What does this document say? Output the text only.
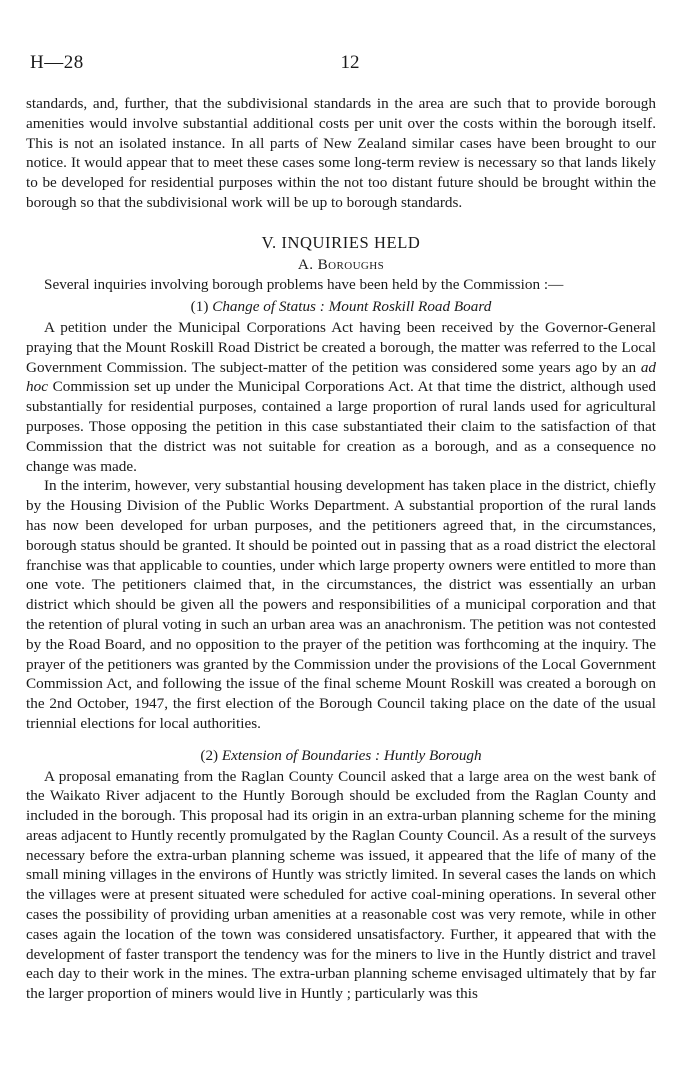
H—28	12

standards, and, further, that the subdivisional standards in the area are such that to provide borough amenities would involve substantial additional costs per unit over the costs within the borough itself. This is not an isolated instance. In all parts of New Zealand similar cases have been brought to our notice. It would appear that to meet these cases some long-term review is necessary so that lands likely to be developed for residential purposes within the not too distant future should be brought within the borough so that the subdivisional work will be up to borough standards.

V. INQUIRIES HELD
A. Boroughs

Several inquiries involving borough problems have been held by the Commission :—

(1) Change of Status : Mount Roskill Road Board

A petition under the Municipal Corporations Act having been received by the Governor-General praying that the Mount Roskill Road District be created a borough, the matter was referred to the Local Government Commission. The subject-matter of the petition was considered some years ago by an ad hoc Commission set up under the Municipal Corporations Act. At that time the district, although used substantially for residential purposes, contained a large proportion of rural lands used for agricultural purposes. Those opposing the petition in this case substantiated their claim to the satisfaction of that Commission that the district was not suitable for creation as a borough, and as a consequence no change was made.

In the interim, however, very substantial housing development has taken place in the district, chiefly by the Housing Division of the Public Works Department. A substantial proportion of the rural lands has now been developed for urban purposes, and the petitioners agreed that, in the circumstances, borough status should be granted. It should be pointed out in passing that as a road district the electoral franchise was that applicable to counties, under which large property owners were entitled to more than one vote. The petitioners claimed that, in the circumstances, the district was essentially an urban district which should be given all the powers and responsibilities of a municipal corporation and that the retention of plural voting in such an urban area was an anachronism. The petition was not contested by the Road Board, and no opposition to the prayer of the petition was forthcoming at the inquiry. The prayer of the petitioners was granted by the Commission under the provisions of the Local Government Commission Act, and following the issue of the final scheme Mount Roskill was created a borough on the 2nd October, 1947, the first election of the Borough Council taking place on the date of the usual triennial elections for local authorities.

(2) Extension of Boundaries : Huntly Borough

A proposal emanating from the Raglan County Council asked that a large area on the west bank of the Waikato River adjacent to the Huntly Borough should be excluded from the Raglan County and included in the borough. This proposal had its origin in an extra-urban planning scheme for the mining areas adjacent to Huntly recently promulgated by the Raglan County Council. As a result of the surveys necessary before the extra-urban planning scheme was issued, it appeared that the life of many of the small mining villages in the environs of Huntly was strictly limited. In several cases the lands on which the villages were at present situated were scheduled for active coal-mining operations. In several other cases the possibility of providing urban amenities at a reasonable cost was very remote, while in other cases again the location of the town was considered unsatisfactory. Further, it appeared that with the development of faster transport the tendency was for the miners to live in the Huntly district and travel each day to their work in the mines. The extra-urban planning scheme envisaged ultimately that by far the larger proportion of miners would live in Huntly ; particularly was this
